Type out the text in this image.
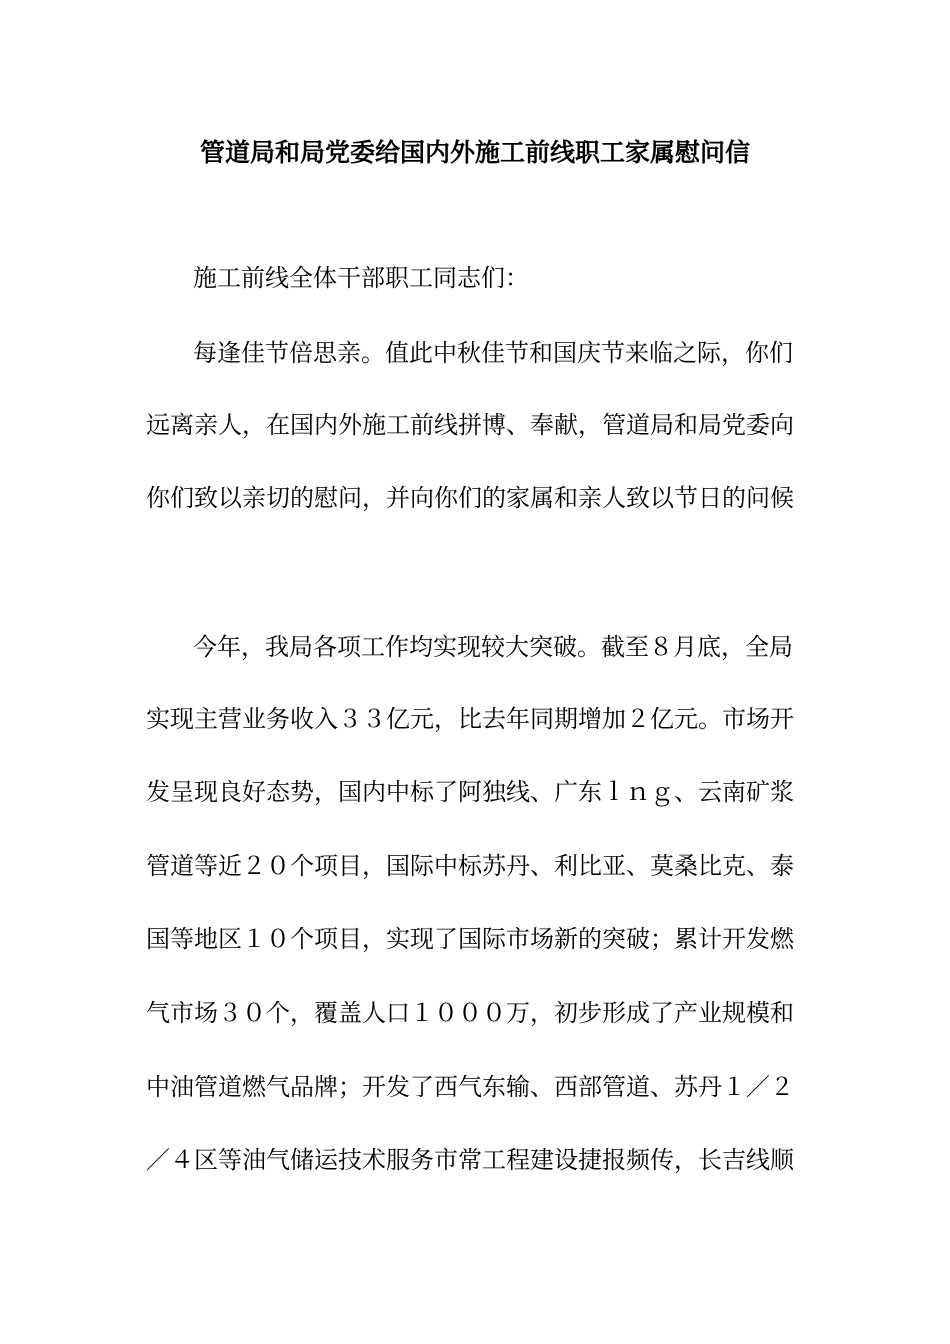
管道局和局党委给国内外施工前线职工家属慰问信
施工前线全体干部职工同志们：
每逢佳节倍思亲。值此中秋佳节和国庆节来临之际，你们
远离亲人，在国内外施工前线拼博、奉献，管道局和局党委向
你们致以亲切的慰问，并向你们的家属和亲人致以节日的问候
今年，我局各项工作均实现较大突破。截至８月底，全局
实现主营业务收入３３亿元，比去年同期增加２亿元。市场开
发呈现良好态势，国内中标了阿独线、广东ｌｎｇ、云南矿浆
管道等近２０个项目，国际中标苏丹、利比亚、莫桑比克、泰
国等地区１０个项目，实现了国际市场新的突破；累计开发燃
气市场３０个，覆盖人口１０００万，初步形成了产业规模和
中油管道燃气品牌；开发了西气东输、西部管道、苏丹１／２
／４区等油气储运技术服务市常工程建设捷报频传，长吉线顺
